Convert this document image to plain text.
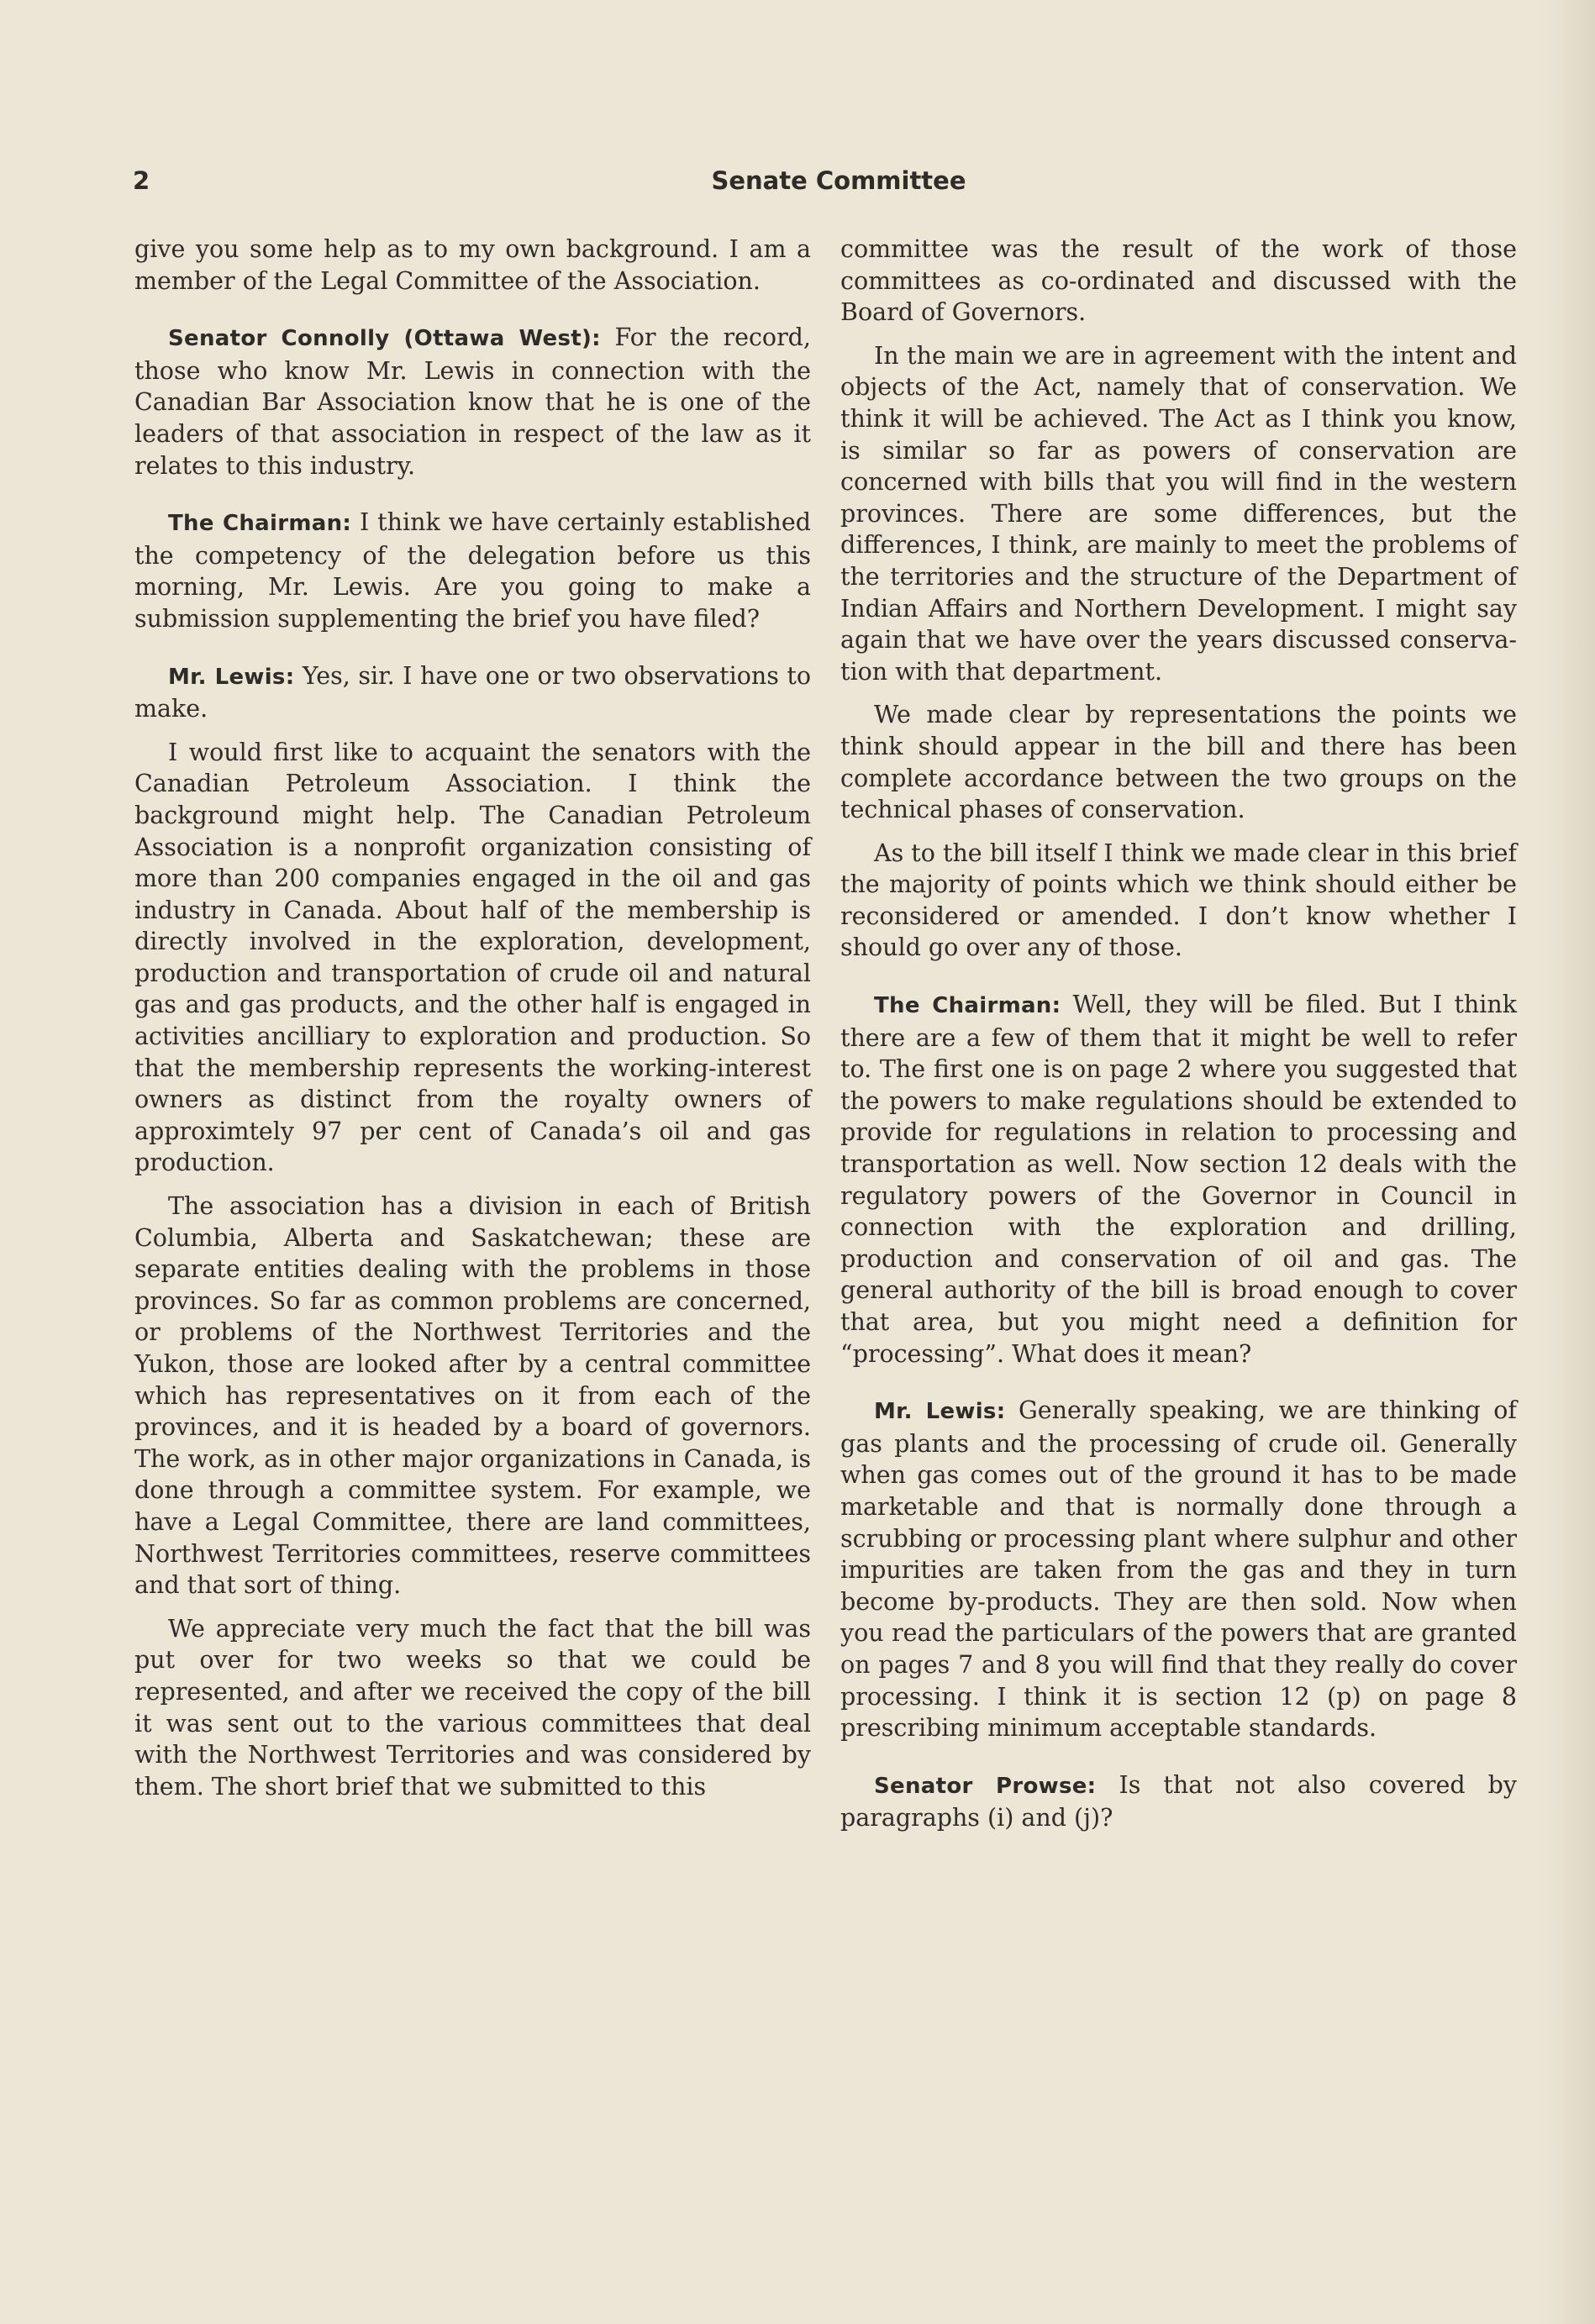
2	Senate Committee

give you some help as to my own background. I am a member of the Legal Committee of the Association.

Senator Connolly (Ottawa West): For the record, those who know Mr. Lewis in connection with the Canadian Bar Association know that he is one of the leaders of that association in respect of the law as it relates to this industry.

The Chairman: I think we have certainly established the competency of the delegation before us this morning, Mr. Lewis. Are you going to make a submission supplementing the brief you have filed?

Mr. Lewis: Yes, sir. I have one or two observations to make.

I would first like to acquaint the senators with the Canadian Petroleum Association. I think the background might help. The Canadian Petroleum Association is a nonprofit organization consisting of more than 200 companies engaged in the oil and gas industry in Canada. About half of the membership is directly involved in the exploration, development, production and transportation of crude oil and natural gas and gas products, and the other half is engaged in activities ancilliary to exploration and production. So that the membership represents the working-interest owners as distinct from the royalty owners of approximtely 97 per cent of Canada’s oil and gas production.

The association has a division in each of British Columbia, Alberta and Saskatchewan; these are separate entities dealing with the problems in those provinces. So far as common problems are concerned, or problems of the Northwest Territories and the Yukon, those are looked after by a central committee which has representatives on it from each of the provinces, and it is headed by a board of governors. The work, as in other major organizations in Canada, is done through a committee system. For example, we have a Legal Committee, there are land committees, Northwest Territories committees, reserve committees and that sort of thing.

We appreciate very much the fact that the bill was put over for two weeks so that we could be represented, and after we received the copy of the bill it was sent out to the various committees that deal with the Northwest Territories and was considered by them. The short brief that we submitted to this

committee was the result of the work of those committees as co-ordinated and discussed with the Board of Governors.

In the main we are in agreement with the intent and objects of the Act, namely that of conservation. We think it will be achieved. The Act as I think you know, is similar so far as powers of conservation are concerned with bills that you will find in the western provinces. There are some differences, but the differences, I think, are mainly to meet the problems of the territories and the structure of the Department of Indian Affairs and Northern Development. I might say again that we have over the years discussed conservation with that department.

We made clear by representations the points we think should appear in the bill and there has been complete accordance between the two groups on the technical phases of conservation.

As to the bill itself I think we made clear in this brief the majority of points which we think should either be reconsidered or amended. I don’t know whether I should go over any of those.

The Chairman: Well, they will be filed. But I think there are a few of them that it might be well to refer to. The first one is on page 2 where you suggested that the powers to make regulations should be extended to provide for regulations in relation to processing and transportation as well. Now section 12 deals with the regulatory powers of the Governor in Council in connection with the exploration and drilling, production and conservation of oil and gas. The general authority of the bill is broad enough to cover that area, but you might need a definition for “processing”. What does it mean?

Mr. Lewis: Generally speaking, we are thinking of gas plants and the processing of crude oil. Generally when gas comes out of the ground it has to be made marketable and that is normally done through a scrubbing or processing plant where sulphur and other impurities are taken from the gas and they in turn become by-products. They are then sold. Now when you read the particulars of the powers that are granted on pages 7 and 8 you will find that they really do cover processing. I think it is section 12 (p) on page 8 prescribing minimum acceptable standards.

Senator Prowse: Is that not also covered by paragraphs (i) and (j)?
